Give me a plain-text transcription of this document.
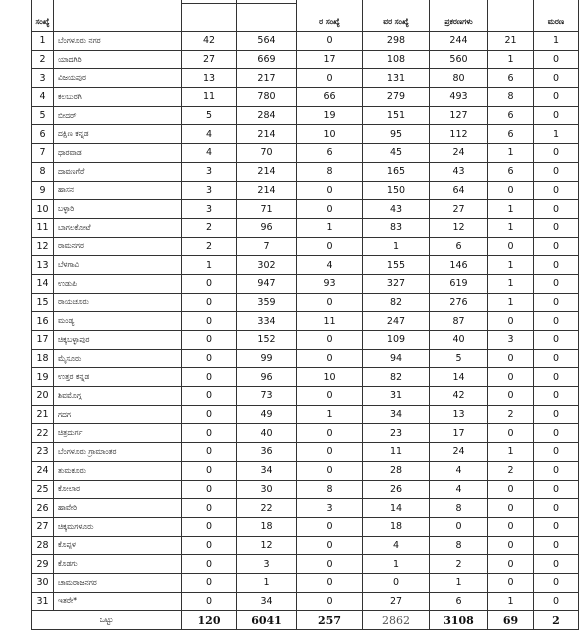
ಸಂಖ್ಯೆ				ರ ಸಂಖ್ಯೆ	ವರ ಸಂಖ್ಯೆ	ಪ್ರಕರಣಗಳು		ಮರಣ

1	ಬೆಂಗಳೂರು ನಗರ	42	564	0	298	244	21	1
2	ಯಾದಗಿರಿ	27	669	17	108	560	1	0
3	ವಿಜಯಪುರ	13	217	0	131	80	6	0
4	ಕಲಬುರಗಿ	11	780	66	279	493	8	0
5	ಬೀದರ್	5	284	19	151	127	6	0
6	ದಕ್ಷಿಣ ಕನ್ನಡ	4	214	10	95	112	6	1
7	ಧಾರವಾಡ	4	70	6	45	24	1	0
8	ದಾವಣಗೆರೆ	3	214	8	165	43	6	0
9	ಹಾಸನ	3	214	0	150	64	0	0
10	ಬಳ್ಳಾರಿ	3	71	0	43	27	1	0
11	ಬಾಗಲಕೋಟೆ	2	96	1	83	12	1	0
12	ರಾಮನಗರ	2	7	0	1	6	0	0
13	ಬೆಳಗಾವಿ	1	302	4	155	146	1	0
14	ಉಡುಪಿ	0	947	93	327	619	1	0
15	ರಾಯಚೂರು	0	359	0	82	276	1	0
16	ಮಂಡ್ಯ	0	334	11	247	87	0	0
17	ಚಿಕ್ಕಬಳ್ಳಾಪುರ	0	152	0	109	40	3	0
18	ಮೈಸೂರು	0	99	0	94	5	0	0
19	ಉತ್ತರ ಕನ್ನಡ	0	96	10	82	14	0	0
20	ಶಿವಮೊಗ್ಗ	0	73	0	31	42	0	0
21	ಗದಗ	0	49	1	34	13	2	0
22	ಚಿತ್ರದುರ್ಗ	0	40	0	23	17	0	0
23	ಬೆಂಗಳೂರು ಗ್ರಾಮಾಂತರ	0	36	0	11	24	1	0
24	ತುಮಕೂರು	0	34	0	28	4	2	0
25	ಕೋಲಾರ	0	30	8	26	4	0	0
26	ಹಾವೇರಿ	0	22	3	14	8	0	0
27	ಚಿಕ್ಕಮಗಳೂರು	0	18	0	18	0	0	0
28	ಕೊಪ್ಪಳ	0	12	0	4	8	0	0
29	ಕೊಡಗು	0	3	0	1	2	0	0
30	ಚಾಮರಾಜನಗರ	0	1	0	0	1	0	0
31	ಇತರೇ*	0	34	0	27	6	1	0
ಒಟ್ಟು		120	6041	257	2862	3108	69	2
